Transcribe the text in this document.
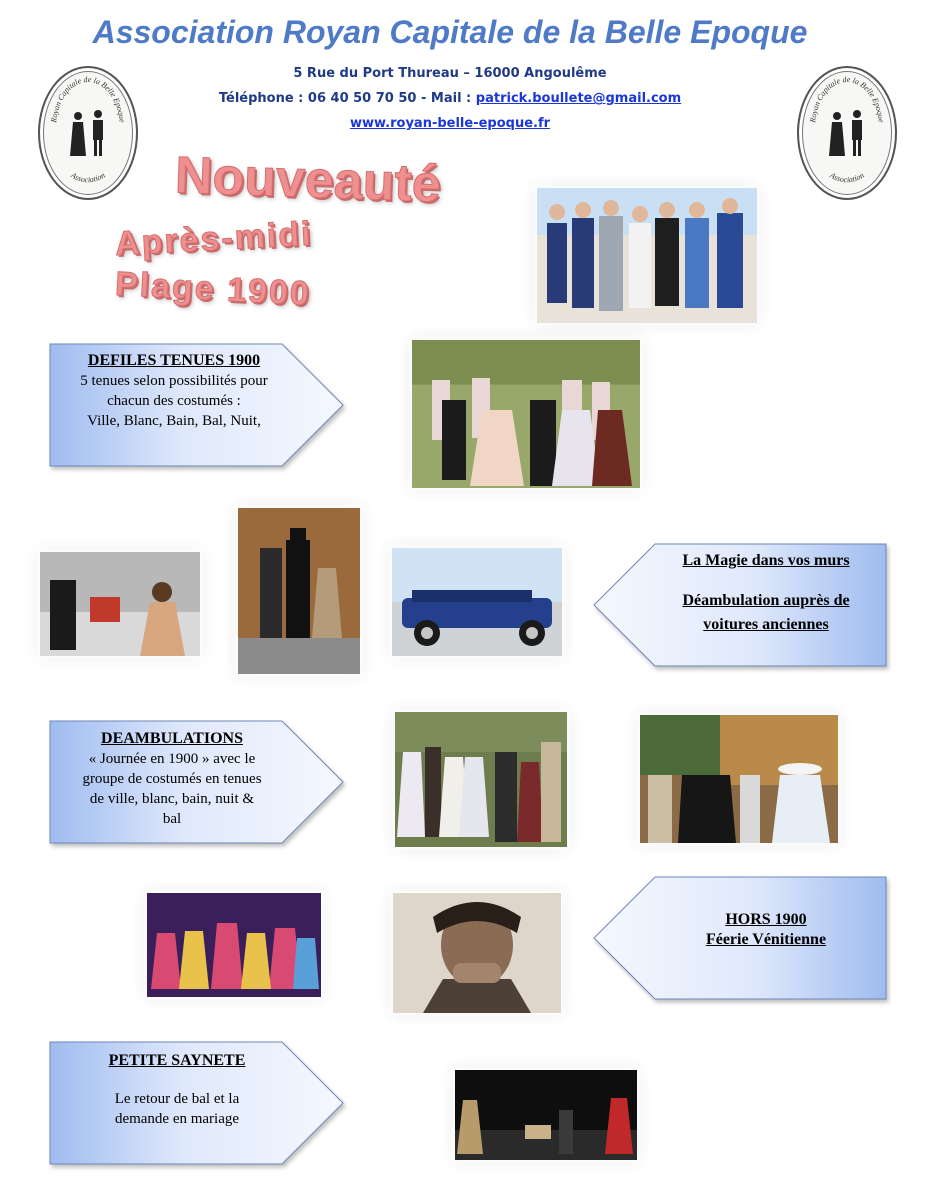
Association Royan Capitale de la Belle Epoque
5 Rue du Port Thureau – 16000 Angoulême
Téléphone : 06 40 50 70 50 - Mail : patrick.boullete@gmail.com
www.royan-belle-epoque.fr
Royan Capitale de la Belle Epoque
Association
Royan Capitale de la Belle Epoque
Association
Nouveauté
Après-midi
Plage 1900
DEFILES TENUES 1900
5 tenues selon possibilités pour
chacun des costumés :
Ville, Blanc, Bain, Bal, Nuit,
La Magie dans vos murs
Déambulation auprès de
voitures anciennes
DEAMBULATIONS
« Journée en 1900 » avec le
groupe de costumés en tenues
de ville, blanc, bain, nuit &
bal
HORS 1900
Féerie Vénitienne
PETITE SAYNETE
Le retour de bal et la
demande en mariage
